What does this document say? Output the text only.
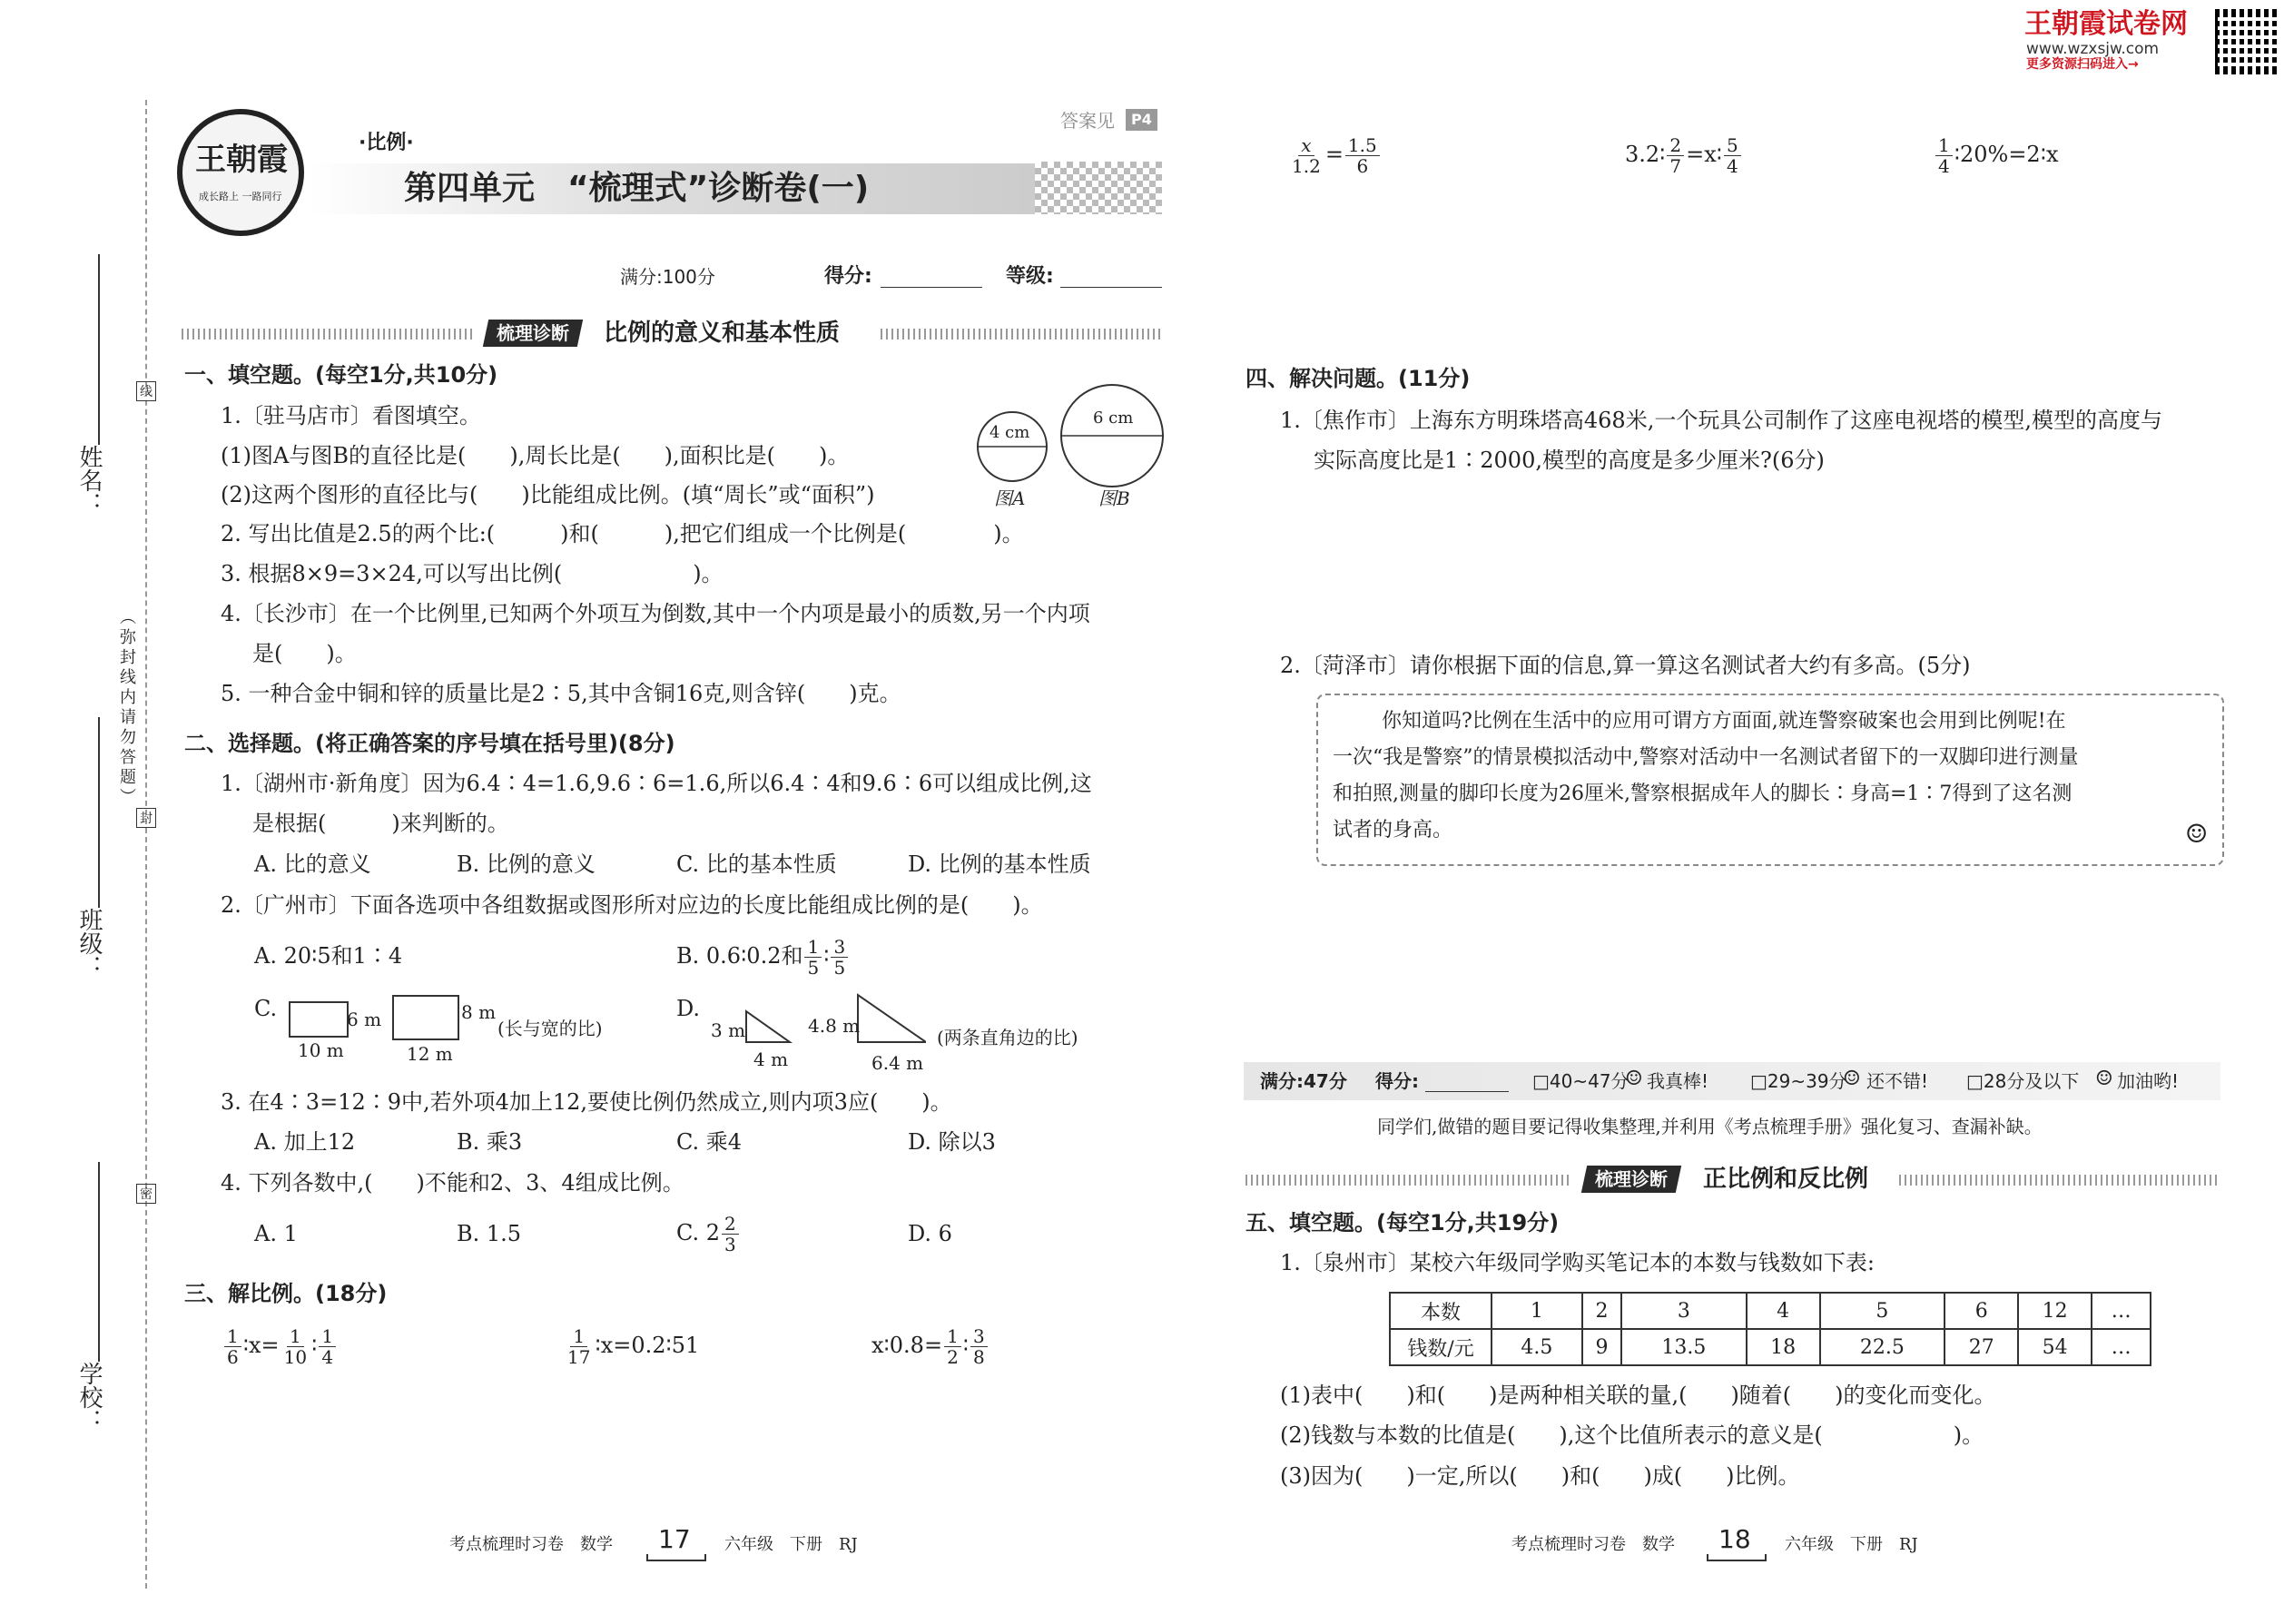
王朝霞试卷网
www.wzxsjw.com
更多资源扫码进入→
姓名：
班级：
学校：
（弥封线内请勿答题）
线
封
密
王朝霞
成长路上 一路同行
·比例·
答案见	P4
第四单元　“梳理式”诊断卷(一)
满分:100分	得分:	等级:
梳理诊断	比例的意义和基本性质
一、填空题。(每空1分,共10分)
1.〔驻马店市〕看图填空。
(1)图A与图B的直径比是(　　),周长比是(　　),面积比是(　　)。
(2)这两个图形的直径比与(　　)比能组成比例。(填“周长”或“面积”)
4 cm
6 cm
图A	图B
2. 写出比值是2.5的两个比:(　　　)和(　　　),把它们组成一个比例是(　　　　)。
3. 根据8×9=3×24,可以写出比例(　　　　　　)。
4.〔长沙市〕在一个比例里,已知两个外项互为倒数,其中一个内项是最小的质数,另一个内项
是(　　)。
5. 一种合金中铜和锌的质量比是2∶5,其中含铜16克,则含锌(　　)克。
二、选择题。(将正确答案的序号填在括号里)(8分)
1.〔湖州市·新角度〕因为6.4∶4=1.6,9.6∶6=1.6,所以6.4∶4和9.6∶6可以组成比例,这
是根据(　　　)来判断的。
A. 比的意义	B. 比例的意义	C. 比的基本性质	D. 比例的基本性质
2.〔广州市〕下面各选项中各组数据或图形所对应边的长度比能组成比例的是(　　)。
A. 20∶5和1∶4	B. 0.6∶0.2和 $\frac{1}{5}$ ∶ $\frac{3}{5}$
C.	6 m
10 m
8 m
12 m
(长与宽的比)
D.
3 m
4 m
4.8 m
6.4 m
(两条直角边的比)
3. 在4∶3=12∶9中,若外项4加上12,要使比例仍然成立,则内项3应(　　)。
A. 加上12	B. 乘3	C. 乘4	D. 除以3
4. 下列各数中,(　　)不能和2、3、4组成比例。
A. 1	B. 1.5	C. $2 \frac{2}{3}$	D. 6
三、解比例。(18分)
$\frac{1}{6}$ ∶x= $\frac{1}{10}$ ∶ $\frac{1}{4}$	$\frac{1}{17}$ ∶x=0.2∶51	x∶0.8= $\frac{1}{2}$ ∶ $\frac{3}{8}$
考点梳理时习卷　数学 17 六年级　下册　RJ
$\frac{x}{1.2} = \frac{1.5}{6}$	3.2∶ $\frac{2}{7}$ =x∶ $\frac{5}{4}$	$\frac{1}{4}$ ∶20%=2∶x
四、解决问题。(11分)
1.〔焦作市〕上海东方明珠塔高468米,一个玩具公司制作了这座电视塔的模型,模型的高度与
实际高度比是1∶2000,模型的高度是多少厘米?(6分)
2.〔菏泽市〕请你根据下面的信息,算一算这名测试者大约有多高。(5分)
你知道吗?比例在生活中的应用可谓方方面面,就连警察破案也会用到比例呢!在
一次“我是警察”的情景模拟活动中,警察对活动中一名测试者留下的一双脚印进行测量
和拍照,测量的脚印长度为26厘米,警察根据成年人的脚长∶身高=1∶7得到了这名测
试者的身高。	☺
满分:47分 得分:	□40~47分
☺ 我真棒! □29~39分
☺ 还不错! □28分及以下 ☺ 加油哟!
同学们,做错的题目要记得收集整理,并利用《考点梳理手册》强化复习、查漏补缺。
梳理诊断	正比例和反比例
五、填空题。(每空1分,共19分)
1.〔泉州市〕某校六年级同学购买笔记本的本数与钱数如下表:
本数	1	2	3	4	5	6	12	…
钱数/元	4.5	9	13.5	18	22.5	27	54	…
(1)表中(　　)和(　　)是两种相关联的量,(　　)随着(　　)的变化而变化。
(2)钱数与本数的比值是(　　),这个比值所表示的意义是(　　　　　　)。
(3)因为(　　)一定,所以(　　)和(　　)成(　　)比例。
考点梳理时习卷　数学 18 六年级　下册　RJ
